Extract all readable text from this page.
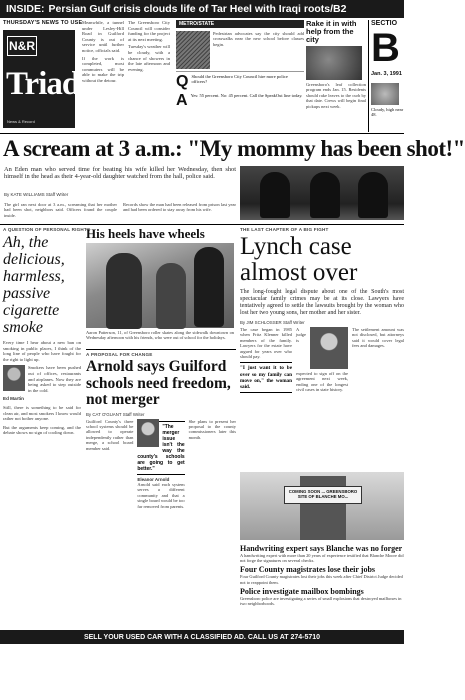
INSIDE: Persian Gulf crisis clouds life of Tar Heel with Iraqi roots/B2
THURSDAY'S NEWS TO USE
N&R
Triad
News & Record

Meanwhile, a tunnel under Lesley-Hill Road in Guilford County is out of service until further notice, officials said.

If the work is completed, most commuters will be able to make the trip without the detour.

The Greensboro City Council will consider funding for the project at its next meeting.

Tuesday's weather will be cloudy, with a chance of showers in the late afternoon and evening.

METRO/STATE
Pedestrian advocates say the city should add crosswalks near the new school before classes begin.
Q Should the Greensboro City Council hire more police officers?
A Yes: 55 percent. No: 45 percent. Call the SpeakOut line today.
Rake it in with help from the city

Greensboro's leaf collection program ends Jan. 15. Residents should rake leaves to the curb by that date. Crews will begin final pickups next week.

SECTIO
B
Jan. 3, 1991
Cloudy, high near 48.
A scream at 3 a.m.: "My mommy has been shot!"
An Eden man who served time for beating his wife killed her Wednesday, then shot himself in the head as their 4-year-old daughter watched from the hall, police said.
By KATE WILLIAMS Staff Writer
The girl ran next door at 3 a.m., screaming that her mother had been shot, neighbors said. Officers found the couple inside.
Records show the man had been released from prison last year and had been ordered to stay away from his wife.
A QUESTION OF PERSONAL RIGHTS
Ah, the delicious, harmless, passive cigarette smoke

Every time I hear about a new ban on smoking in public places, I think of the long line of people who have fought for the right to light up.

Smokers have been pushed out of offices, restaurants and airplanes. Now they are being asked to step outside in the cold.

Ed Martin

Still, there is something to be said for clean air, and most smokers I know would rather not bother anyone.

But the arguments keep coming, and the debate shows no sign of cooling down.

His heels have wheels
Aaron Patterson, 11, of Greensboro roller skates along the sidewalk downtown on Wednesday afternoon with his friends, who were out of school for the holidays.
THE LAST CHAPTER OF A BIG FIGHT
Lynch case almost over
The long-fought legal dispute about one of the South's most spectacular family crimes may be at its close. Lawyers have tentatively agreed to settle the lawsuits brought by the woman who lost her two young sons, her mother and her sister.
By JIM SCHLOSSER Staff Writer
The case began in 1985 when Fritz Klenner killed members of the family. Lawyers for the estate have argued for years over who should pay.
"I just want it to be over so my family can move on," the woman said.
A judge is expected to sign off on the agreement next week, ending one of the longest civil cases in state history.
The settlement amount was not disclosed, but attorneys said it would cover legal fees and damages.
A PROPOSAL FOR CHANGE
Arnold says Guilford schools need freedom, not merger
By CAT O'GUANT Staff Writer
Guilford County's three school systems should be allowed to operate independently rather than merge, a school board member said.
"The merger issue isn't the way the county's schools are going to get better."
Eleanor Arnold
Arnold said each system serves a different community and that a single board would be too far removed from parents.
She plans to present her proposal to the county commissioners later this month.
COMING SOON ... GREENSBORO SITE OF BLANCHE MO...
Handwriting expert says Blanche was no forger

A handwriting expert with more than 20 years of experience testified that Blanche Moore did not forge the signatures on several checks.

Four County magistrates lose their jobs

Four Guilford County magistrates lost their jobs this week after Chief District Judge decided not to reappoint them.

Police investigate mailbox bombings

Greensboro police are investigating a series of small explosions that destroyed mailboxes in two neighborhoods.

SELL YOUR USED CAR WITH A CLASSIFIED AD. CALL US AT 274-5710
